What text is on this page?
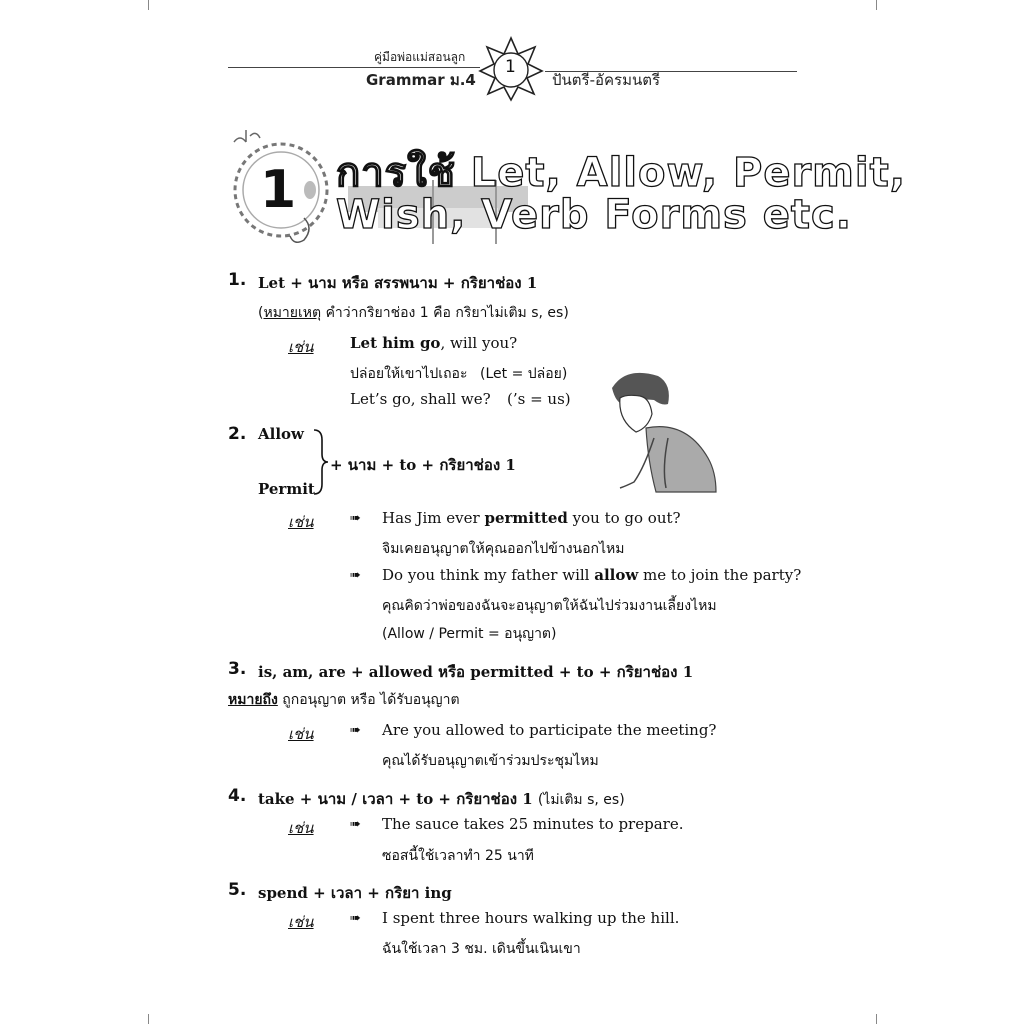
คู่มือพ่อแม่สอนลูก
Grammar ม.4
1
ปันตรี-อัครมนตรี
1 การใช้ Let, Allow, Permit,
Wish, Verb Forms etc.
1. Let + นาม หรือ สรรพนาม + กริยาช่อง 1
(หมายเหตุ คำว่ากริยาช่อง 1 คือ กริยาไม่เติม s, es)
เช่น Let him go, will you?
ปล่อยให้เขาไปเถอะ (Let = ปล่อย)
Let’s go, shall we? (’s = us)
2. Allow
Permit
+ นาม + to + กริยาช่อง 1
เช่น	➠ Has Jim ever permitted you to go out?
จิมเคยอนุญาตให้คุณออกไปข้างนอกไหม
➠ Do you think my father will allow me to join the party?
คุณคิดว่าพ่อของฉันจะอนุญาตให้ฉันไปร่วมงานเลี้ยงไหม
(Allow / Permit = อนุญาต)
3. is, am, are + allowed หรือ permitted + to + กริยาช่อง 1
หมายถึง ถูกอนุญาต หรือ ได้รับอนุญาต
เช่น	➠ Are you allowed to participate the meeting?
คุณได้รับอนุญาตเข้าร่วมประชุมไหม
4. take + นาม / เวลา + to + กริยาช่อง 1 (ไม่เติม s, es)
เช่น	➠ The sauce takes 25 minutes to prepare.
ซอสนี้ใช้เวลาทำ 25 นาที
5. spend + เวลา + กริยา ing
เช่น	➠ I spent three hours walking up the hill.
ฉันใช้เวลา 3 ชม. เดินขึ้นเนินเขา
